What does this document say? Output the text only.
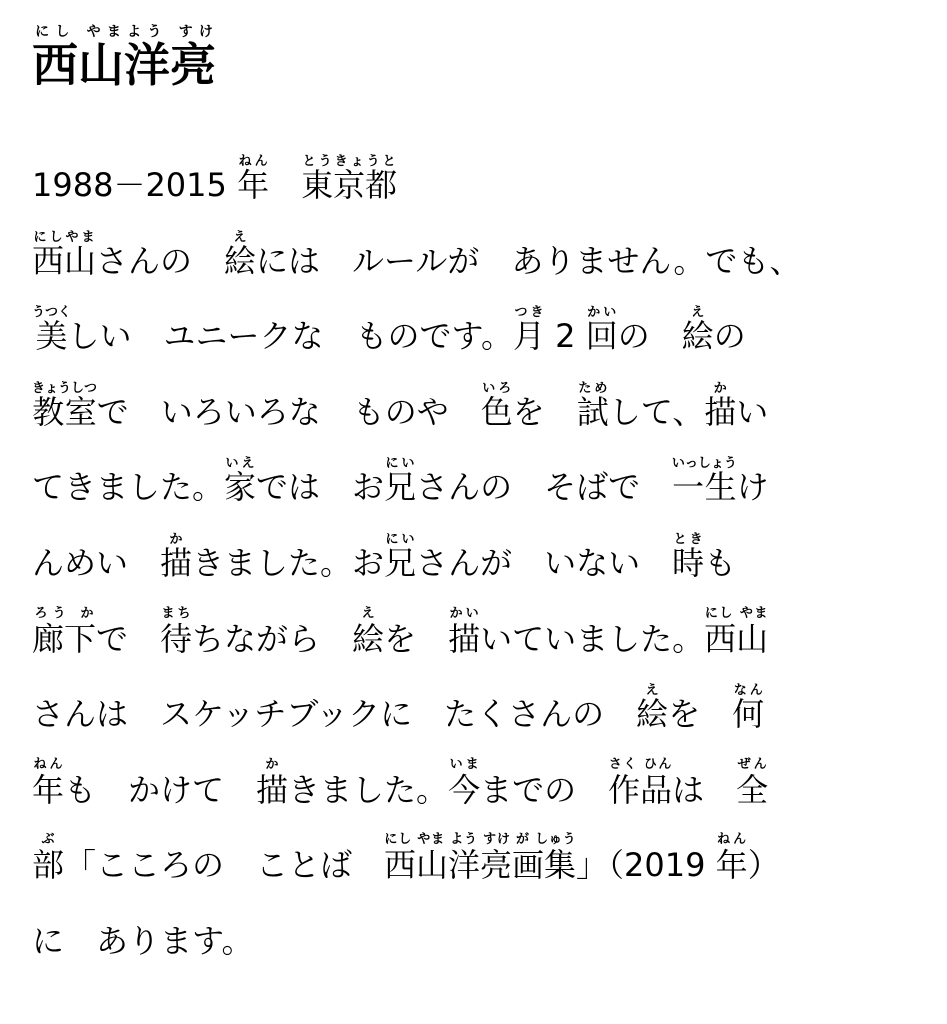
西山にし やま洋亮よう すけ
1988－2015 年ねん　東京都とうきょうと
西山にしやまさんの　絵えには　ルールが　ありません。でも、
美うつくしい　ユニークな　ものです。月つき 2 回かいの　絵えの
教室きょうしつで　いろいろな　ものや　色いろを　試ためして、描かい
てきました。家いえでは　お兄にいさんの　そばで　一生いっしょうけ
んめい　描かきました。お兄にいさんが　いない　時ときも
廊下ろう かで　待まちちながら　絵えを　描かいいていました。西山にし やま
さんは　スケッチブックに　たくさんの　絵えを　何なん
年ねんも　かけて　描かきました。今いままでの　作品さく ひんは　全ぜん
部ぶ「こころの　ことば　西山洋亮画集にし やま よう すけ が しゅう」（2019 年ねん）
に　あります。
